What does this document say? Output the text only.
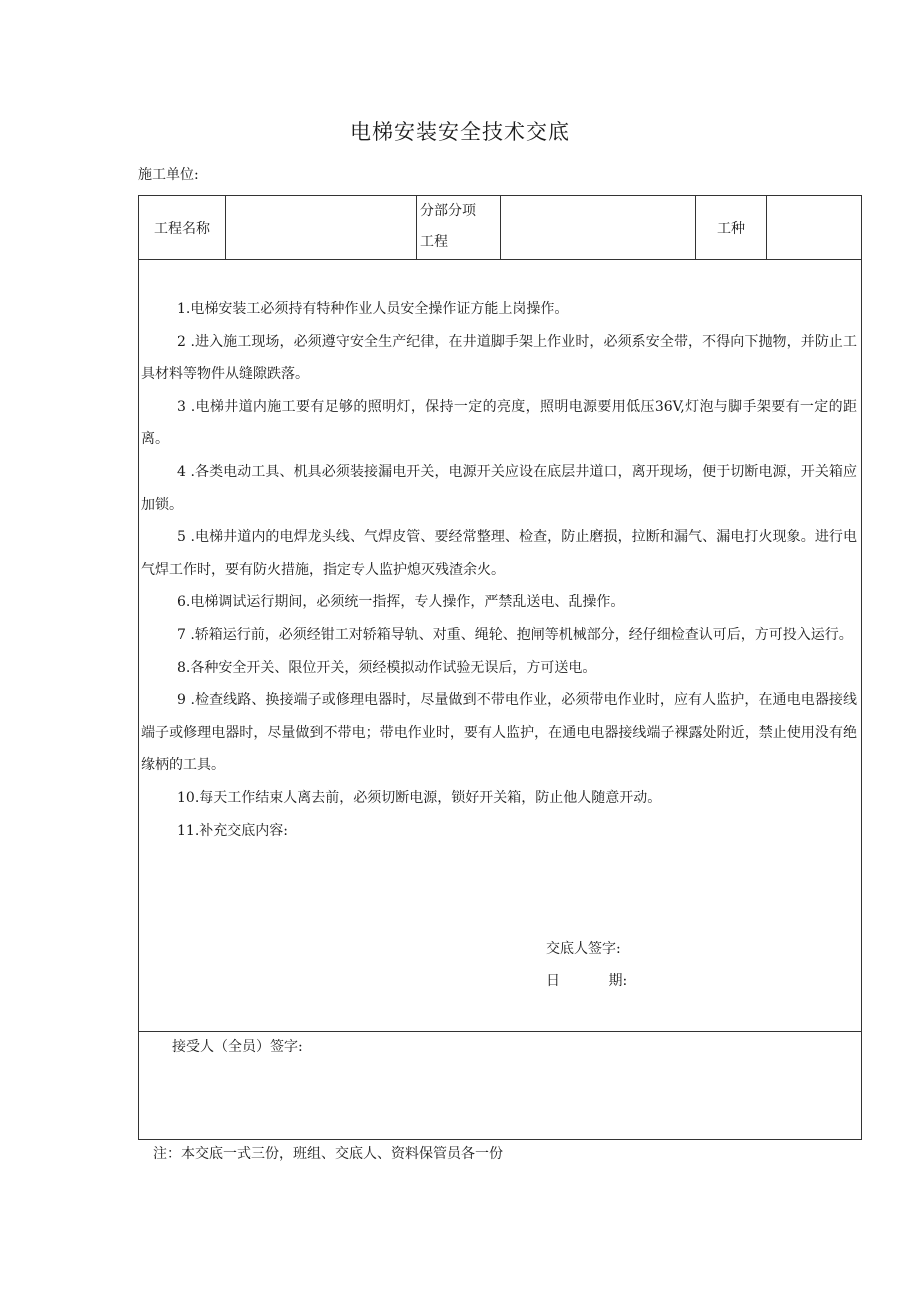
电梯安装安全技术交底
施工单位:
工程名称
分部分项
工程
工种

1.电梯安装工必须持有特种作业人员安全操作证方能上岗操作。

2 .进入施工现场，必须遵守安全生产纪律，在井道脚手架上作业时，必须系安全带，不得向下抛物，并防止工具材料等物件从缝隙跌落。

3 .电梯井道内施工要有足够的照明灯，保持一定的亮度，照明电源要用低压36V,灯泡与脚手架要有一定的距离。

4 .各类电动工具、机具必须装接漏电开关，电源开关应设在底层井道口，离开现场，便于切断电源，开关箱应加锁。

5 .电梯井道内的电焊龙头线、气焊皮管、要经常整理、检查，防止磨损，拉断和漏气、漏电打火现象。进行电气焊工作时，要有防火措施，指定专人监护熄灭残渣余火。

6.电梯调试运行期间，必须统一指挥，专人操作，严禁乱送电、乱操作。

7 .轿箱运行前，必须经钳工对轿箱导轨、对重、绳轮、抱闸等机械部分，经仔细检查认可后，方可投入运行。

8.各种安全开关、限位开关，须经模拟动作试验无误后，方可送电。

9 .检查线路、换接端子或修理电器时，尽量做到不带电作业，必须带电作业时，应有人监护，在通电电器接线端子或修理电器时，尽量做到不带电；带电作业时，要有人监护，在通电电器接线端子裸露处附近，禁止使用没有绝缘柄的工具。

10.每天工作结束人离去前，必须切断电源，锁好开关箱，防止他人随意开动。

11.补充交底内容:

交底人签字:
日	期:
接受人（全员）签字:
注：本交底一式三份，班组、交底人、资料保管员各一份
